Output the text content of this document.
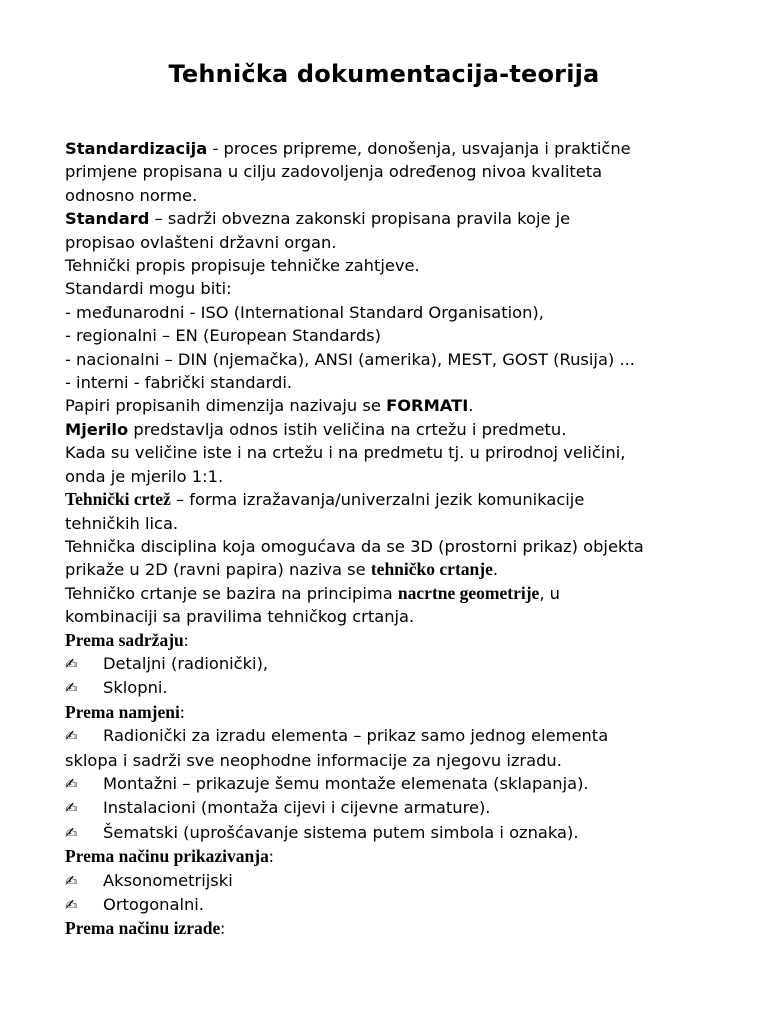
Tehnička dokumentacija-teorija

Standardizacija - proces pripreme, donošenja, usvajanja i praktične

primjene propisana u cilju zadovoljenja određenog nivoa kvaliteta

odnosno norme.

Standard – sadrži obvezna zakonski propisana pravila koje je

propisao ovlašteni državni organ.

Tehnički propis propisuje tehničke zahtjeve.

Standardi mogu biti:

- međunarodni - ISO (International Standard Organisation),

- regionalni – EN (European Standards)

- nacionalni – DIN (njemačka), ANSI (amerika), MEST, GOST (Rusija) ...

- interni - fabrički standardi.

Papiri propisanih dimenzija nazivaju se FORMATI.

Mjerilo predstavlja odnos istih veličina na crtežu i predmetu.

Kada su veličine iste i na crtežu i na predmetu tj. u prirodnoj veličini,

onda je mjerilo 1:1.

Tehnički crtež – forma izražavanja/univerzalni jezik komunikacije

tehničkih lica.

Tehnička disciplina koja omogućava da se 3D (prostorni prikaz) objekta

prikaže u 2D (ravni papira) naziva se tehničko crtanje.

Tehničko crtanje se bazira na principima nacrtne geometrije, u

kombinaciji sa pravilima tehničkog crtanja.

Prema sadržaju:

✍ Detaljni (radionički),

✍ Sklopni.

Prema namjeni:

✍ Radionički za izradu elementa – prikaz samo jednog elementa

sklopa i sadrži sve neophodne informacije za njegovu izradu.

✍ Montažni – prikazuje šemu montaže elemenata (sklapanja).

✍ Instalacioni (montaža cijevi i cijevne armature).

✍ Šematski (uprošćavanje sistema putem simbola i oznaka).

Prema načinu prikazivanja:

✍ Aksonometrijski

✍ Ortogonalni.

Prema načinu izrade:
